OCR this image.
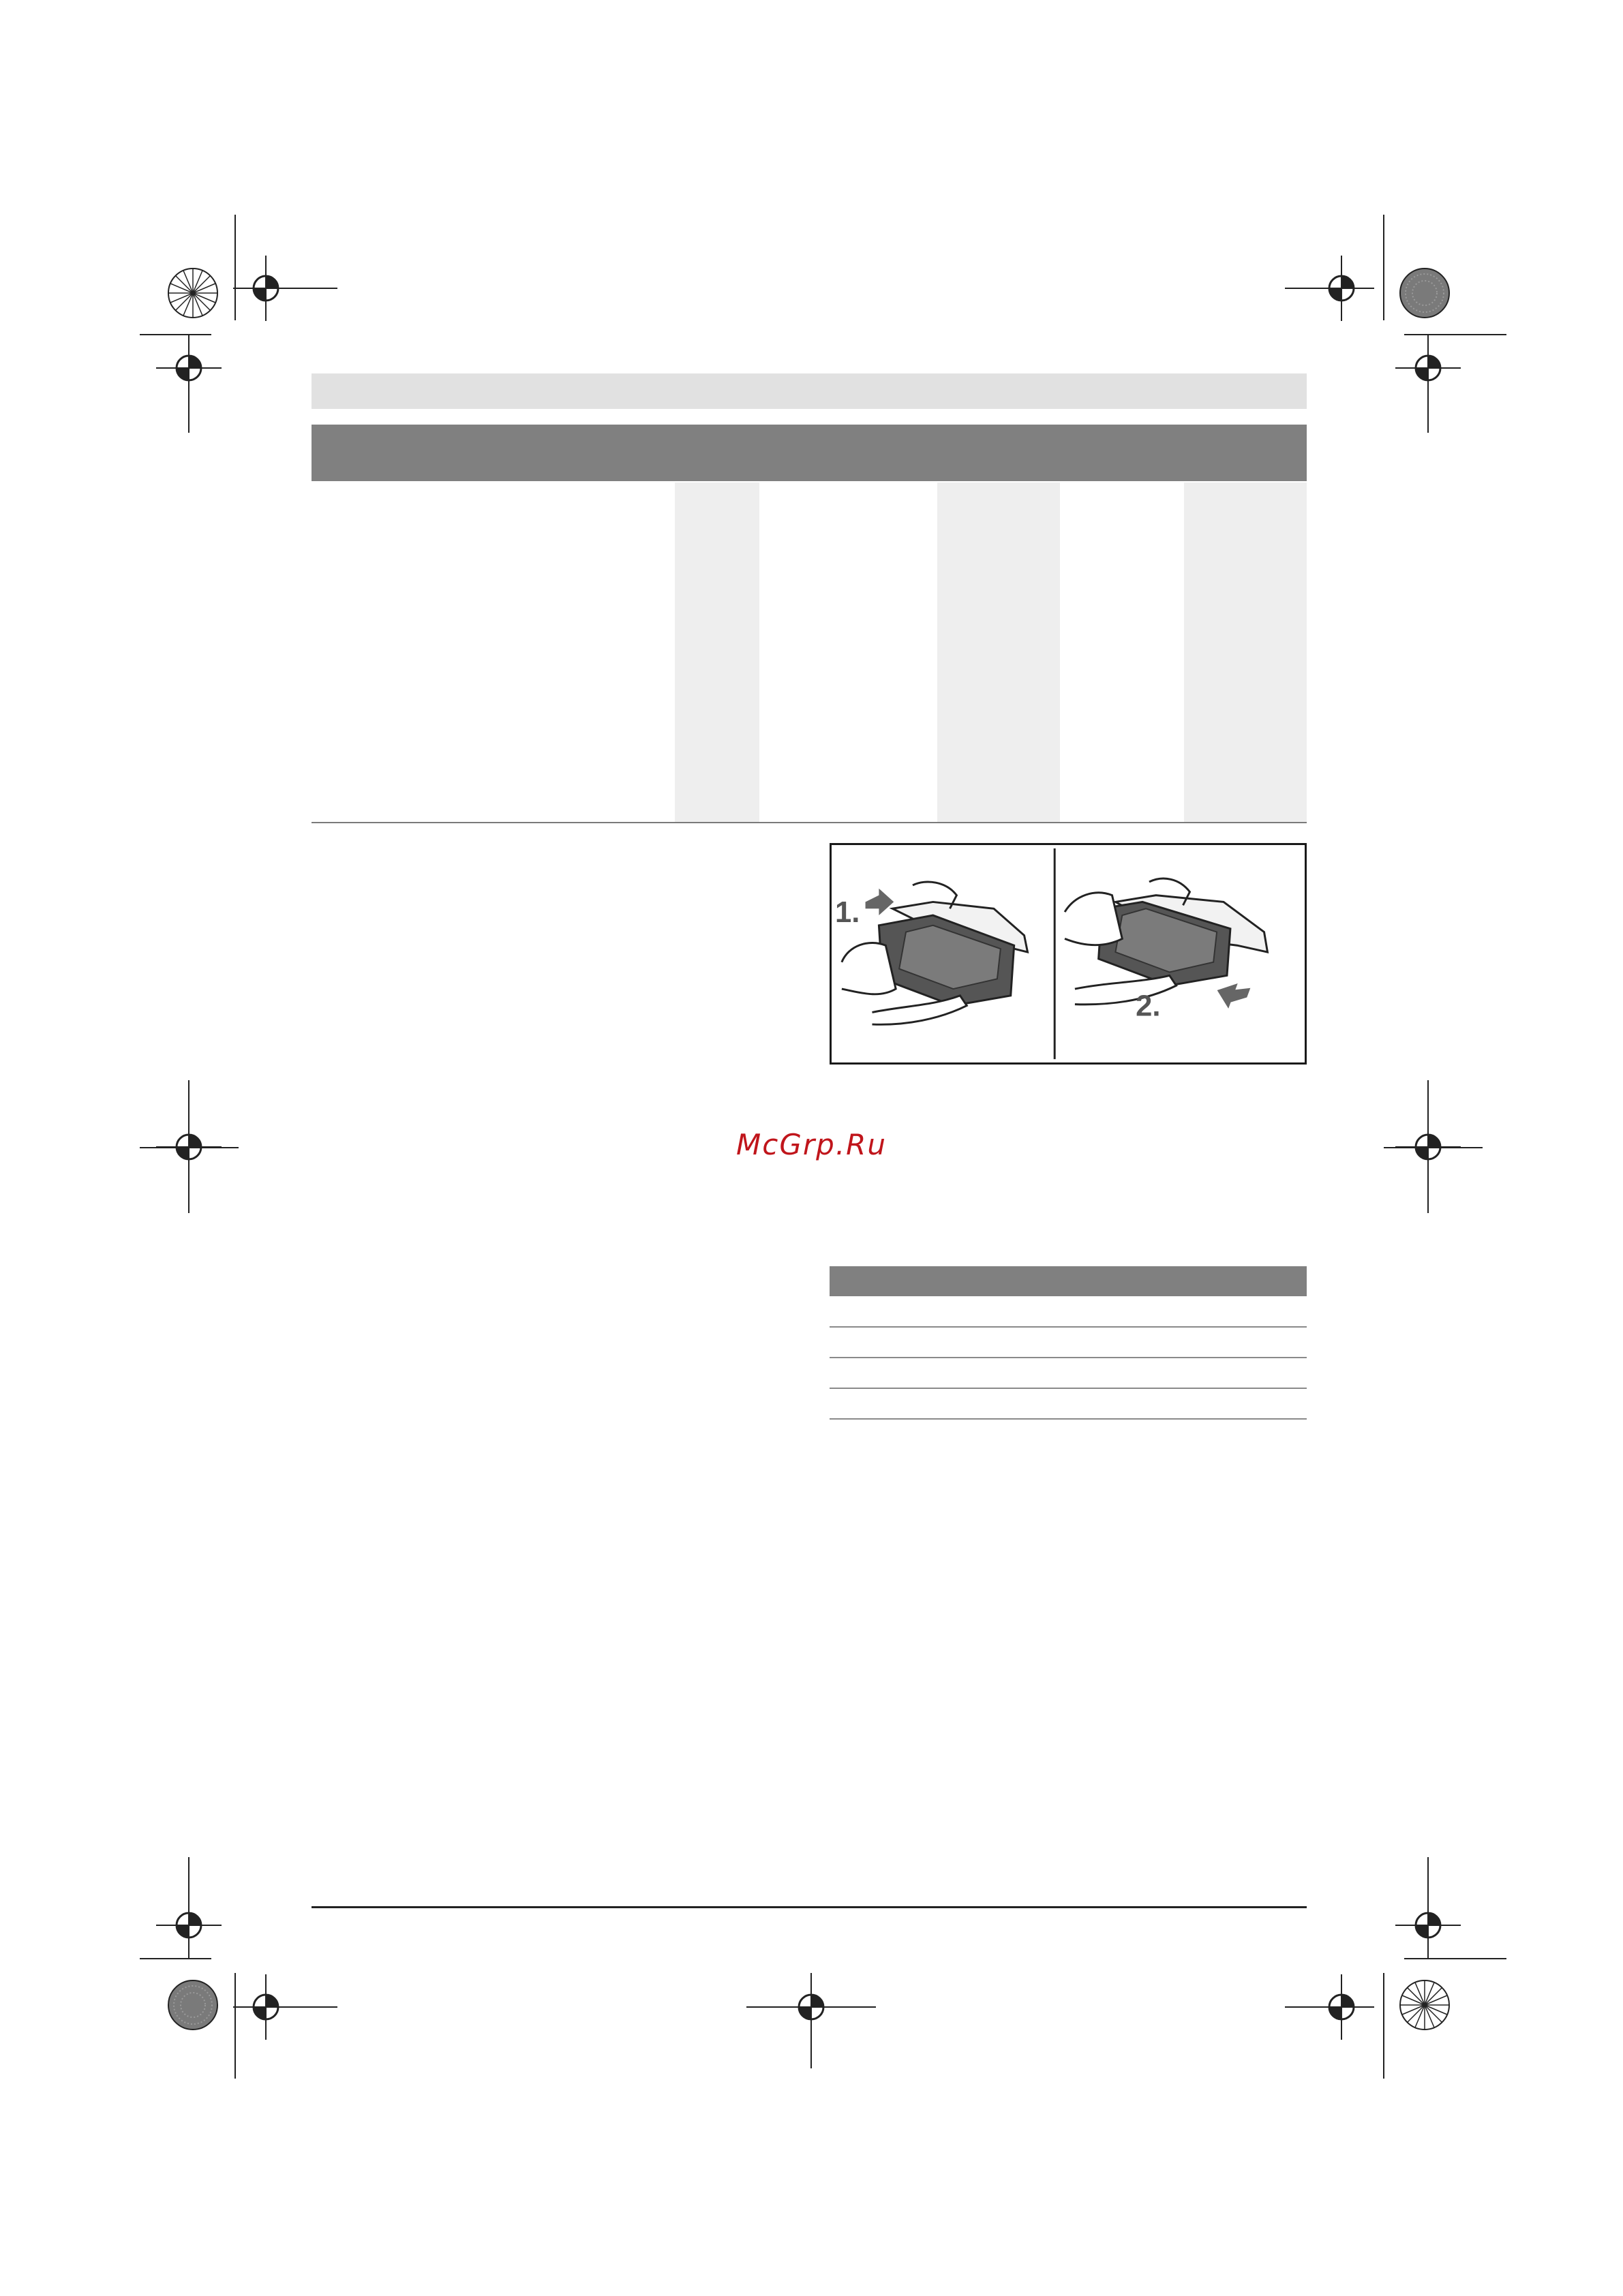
1.
2.
McGrp.Ru
